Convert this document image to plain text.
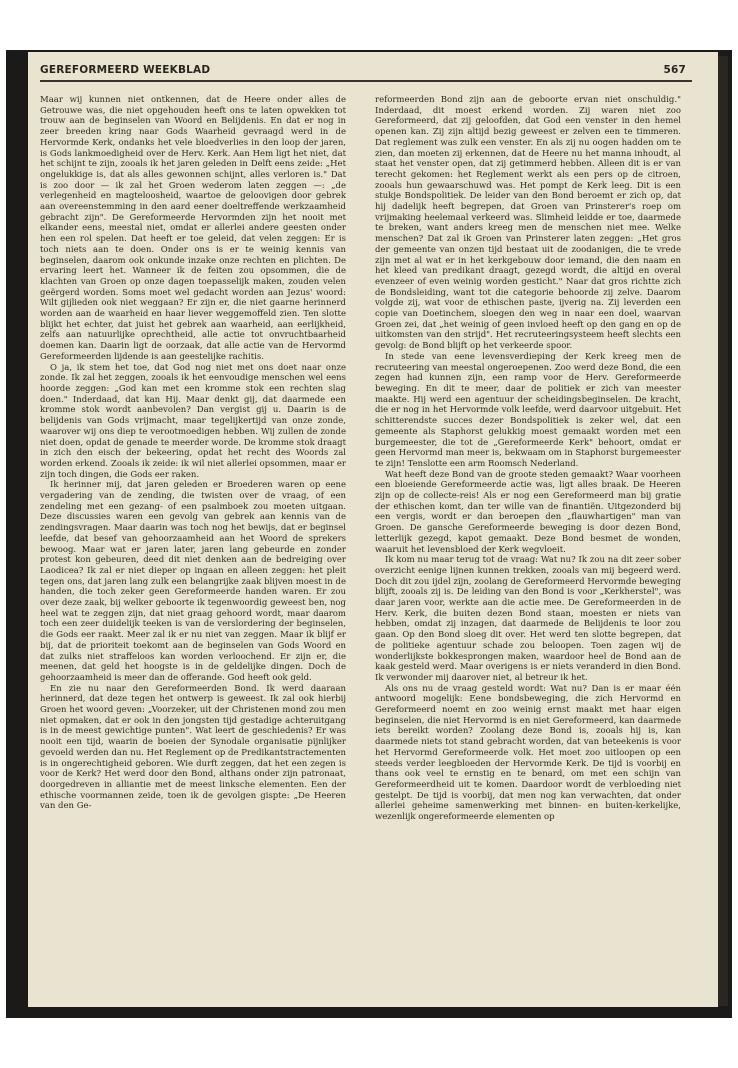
GEREFORMEERD WEEKBLAD	567

Maar wij kunnen niet ontkennen, dat de Heere onder alles de Getrouwe was, die niet opgehouden heeft ons te laten opwekken tot trouw aan de beginselen van Woord en Belijdenis. En dat er nog in zeer breeden kring naar Gods Waarheid gevraagd werd in de Hervormde Kerk, ondanks het vele bloedverlies in den loop der jaren, is Gods lankmoedigheid over de Herv. Kerk. Aan Hem ligt het niet, dat het schijnt te zijn, zooals ik het jaren geleden in Delft eens zeide: „Het ongelukkige is, dat als alles gewonnen schijnt, alles verloren is." Dat is zoo door — ik zal het Groen wederom laten zeggen —: „de verlegenheid en magteloosheid, waartoe de geloovigen door gebrek aan overeenstemming in den aard eener doeltreffende werkzaamheid gebracht zijn". De Gereformeerde Hervormden zijn het nooit met elkander eens, meestal niet, omdat er allerlei andere geesten onder hen een rol spelen. Dat heeft er toe geleid, dat velen zeggen: Er is toch niets aan te doen. Onder ons is er te weinig kennis van beginselen, daarom ook onkunde inzake onze rechten en plichten. De ervaring leert het. Wanneer ik de feiten zou opsommen, die de klachten van Groen op onze dagen toepasselijk maken, zouden velen geërgerd worden. Soms moet wel gedacht worden aan Jezus' woord: Wilt gijlieden ook niet weggaan? Er zijn er, die niet gaarne herinnerd worden aan de waarheid en haar liever weggemoffeld zien. Ten slotte blijkt het echter, dat juist het gebrek aan waarheid, aan eerlijkheid, zelfs aan natuurlijke oprechtheid, alle actie tot onvruchtbaarheid doemen kan. Daarin ligt de oorzaak, dat alle actie van de Hervormd Gereformeerden lijdende is aan geestelijke rachitis.

O ja, ik stem het toe, dat God nog niet met ons doet naar onze zonde. Ik zal het zeggen, zooals ik het eenvoudige menschen wel eens hoorde zeggen: „God kan met een kromme stok een rechten slag doen." Inderdaad, dat kan Hij. Maar denkt gij, dat daarmede een kromme stok wordt aanbevolen? Dan vergist gij u. Daarin is de belijdenis van Gods vrijmacht, maar tegelijkertijd van onze zonde, waarover wij ons diep te verootmoedigen hebben. Wij zullen de zonde niet doen, opdat de genade te meerder worde. De kromme stok draagt in zich den eisch der bekeering, opdat het recht des Woords zal worden erkend. Zooals ik zeide: ik wil niet allerlei opsommen, maar er zijn toch dingen, die Gods eer raken.

Ik herinner mij, dat jaren geleden er Broederen waren op eene vergadering van de zending, die twisten over de vraag, of een zendeling met een gezang- of een psalmboek zou moeten uitgaan. Deze discussies waren een gevolg van gebrek aan kennis van de zendingsvragen. Maar daarin was toch nog het bewijs, dat er beginsel leefde, dat besef van gehoorzaamheid aan het Woord de sprekers bewoog. Maar wat er jaren later, jaren lang gebeurde en zonder protest kon gebeuren, deed dit niet denken aan de bedreiging over Laodicea? Ik zal er niet dieper op ingaan en alleen zeggen: het pleit tegen ons, dat jaren lang zulk een belangrijke zaak blijven moest in de handen, die toch zeker geen Gereformeerde handen waren. Er zou over deze zaak, bij welker geboorte ik tegenwoordig geweest ben, nog heel wat te zeggen zijn, dat niet graag gehoord wordt, maar daarom toch een zeer duidelijk teeken is van de verslordering der beginselen, die Gods eer raakt. Meer zal ik er nu niet van zeggen. Maar ik blijf er bij, dat de prioriteit toekomt aan de beginselen van Gods Woord en dat zulks niet straffeloos kan worden verloochend. Er zijn er, die meenen, dat geld het hoogste is in de geldelijke dingen. Doch de gehoorzaamheid is meer dan de offerande. God heeft ook geld.

En zie nu naar den Gereformeerden Bond. Ik werd daaraan herinnerd, dat deze tegen het ontwerp is geweest. Ik zal ook hierbij Groen het woord geven: „Voorzeker, uit der Christenen mond zou men niet opmaken, dat er ook in den jongsten tijd gestadige achteruitgang is in de meest gewichtige punten". Wat leert de geschiedenis? Er was nooit een tijd, waarin de boeien der Synodale organisatie pijnlijker gevoeld werden dan nu. Het Reglement op de Predikantstractementen is in ongerechtigheid geboren. Wie durft zeggen, dat het een zegen is voor de Kerk? Het werd door den Bond, althans onder zijn patronaat, doorgedreven in alliantie met de meest linksche elementen. Een der ethische voormannen zeide, toen ik de gevolgen gispte: „De Heeren van den Ge-

reformeerden Bond zijn aan de geboorte ervan niet onschuldig." Inderdaad, dit moest erkend worden. Zij waren niet zoo Gereformeerd, dat zij geloofden, dat God een venster in den hemel openen kan. Zij zijn altijd bezig geweest er zelven een te timmeren. Dat reglement was zulk een venster. En als zij nu oogen hadden om te zien, dan moeten zij erkennen, dat de Heere nu het manna inhoudt, al staat het venster open, dat zij getimmerd hebben. Alleen dit is er van terecht gekomen: het Reglement werkt als een pers op de citroen, zooals hun gewaarschuwd was. Het pompt de Kerk leeg. Dit is een stukje Bondspolitiek. De leider van den Bond beroemt er zich op, dat hij dadelijk heeft begrepen, dat Groen van Prinsterer's roep om vrijmaking heelemaal verkeerd was. Slimheid leidde er toe, daarmede te breken, want anders kreeg men de menschen niet mee. Welke menschen? Dat zal ik Groen van Prinsterer laten zeggen: „Het gros der gemeente van onzen tijd bestaat uit de zoodanigen, die te vrede zijn met al wat er in het kerkgebouw door iemand, die den naam en het kleed van predikant draagt, gezegd wordt, die altijd en overal evenzeer of even weinig worden gesticht." Naar dat gros richtte zich de Bondsleiding, want tot die categorie behoorde zij zelve. Daarom volgde zij, wat voor de ethischen paste, ijverig na. Zij leverden een copie van Doetinchem, sloegen den weg in naar een doel, waarvan Groen zei, dat „het weinig of geen invloed heeft op den gang en op de uitkomsten van den strijd". Het recruteeringsysteem heeft slechts een gevolg: de Bond blijft op het verkeerde spoor.

In stede van eene levensverdieping der Kerk kreeg men de recruteering van meestal ongeroepenen. Zoo werd deze Bond, die een zegen had kunnen zijn, een ramp voor de Herv. Gereformeerde beweging. En dit te meer, daar de politiek er zich van meester maakte. Hij werd een agentuur der scheidingsbeginselen. De kracht, die er nog in het Hervormde volk leefde, werd daarvoor uitgebuit. Het schitterendste succes dezer Bondspolitiek is zeker wel, dat een gemeente als Staphorst gelukkig moest gemaakt worden met een burgemeester, die tot de „Gereformeerde Kerk" behoort, omdat er geen Hervormd man meer is, bekwaam om in Staphorst burgemeester te zijn! Tenslotte een arm Roomsch Nederland.

Wat heeft deze Bond van de groote steden gemaakt? Waar voorheen een bloeiende Gereformeerde actie was, ligt alles braak. De Heeren zijn op de collecte-reis! Als er nog een Gereformeerd man bij gratie der ethischen komt, dan ter wille van de finantiën. Uitgezonderd bij een vergis, wordt er dan beroepen den „flauwhartigen" man van Groen. De gansche Gereformeerde beweging is door dezen Bond, letterlijk gezegd, kapot gemaakt. Deze Bond besmet de wonden, waaruit het levensbloed der Kerk wegvloeit.

Ik kom nu maar terug tot de vraag: Wat nu? Ik zou na dit zeer sober overzicht eenige lijnen kunnen trekken, zooals van mij begeerd werd. Doch dit zou ijdel zijn, zoolang de Gereformeerd Hervormde beweging blijft, zooals zij is. De leiding van den Bond is voor „Kerkherstel", was daar jaren voor, werkte aan die actie mee. De Gereformeerden in de Herv. Kerk, die buiten dezen Bond staan, moesten er niets van hebben, omdat zij inzagen, dat daarmede de Belijdenis te loor zou gaan. Op den Bond sloeg dit over. Het werd ten slotte begrepen, dat de politieke agentuur schade zou beloopen. Toen zagen wij de wonderlijkste bokkesprongen maken, waardoor heel de Bond aan de kaak gesteld werd. Maar overigens is er niets veranderd in dien Bond. Ik verwonder mij daarover niet, al betreur ik het.

Als ons nu de vraag gesteld wordt: Wat nu? Dan is er maar één antwoord mogelijk: Eene bondsbeweging, die zich Hervormd en Gereformeerd noemt en zoo weinig ernst maakt met haar eigen beginselen, die niet Hervormd is en niet Gereformeerd, kan daarmede iets bereikt worden? Zoolang deze Bond is, zooals hij is, kan daarmede niets tot stand gebracht worden, dat van beteekenis is voor het Hervormd Gereformeerde volk. Het moet zoo uitloopen op een steeds verder leegbloeden der Hervormde Kerk. De tijd is voorbij en thans ook veel te ernstig en te benard, om met een schijn van Gereformeerdheid uit te komen. Daardoor wordt de verbloeding niet gestelpt. De tijd is voorbij, dat men nog kan verwachten, dat onder allerlei geheime samenwerking met binnen- en buiten-kerkelijke, wezenlijk ongereformeerde elementen op
